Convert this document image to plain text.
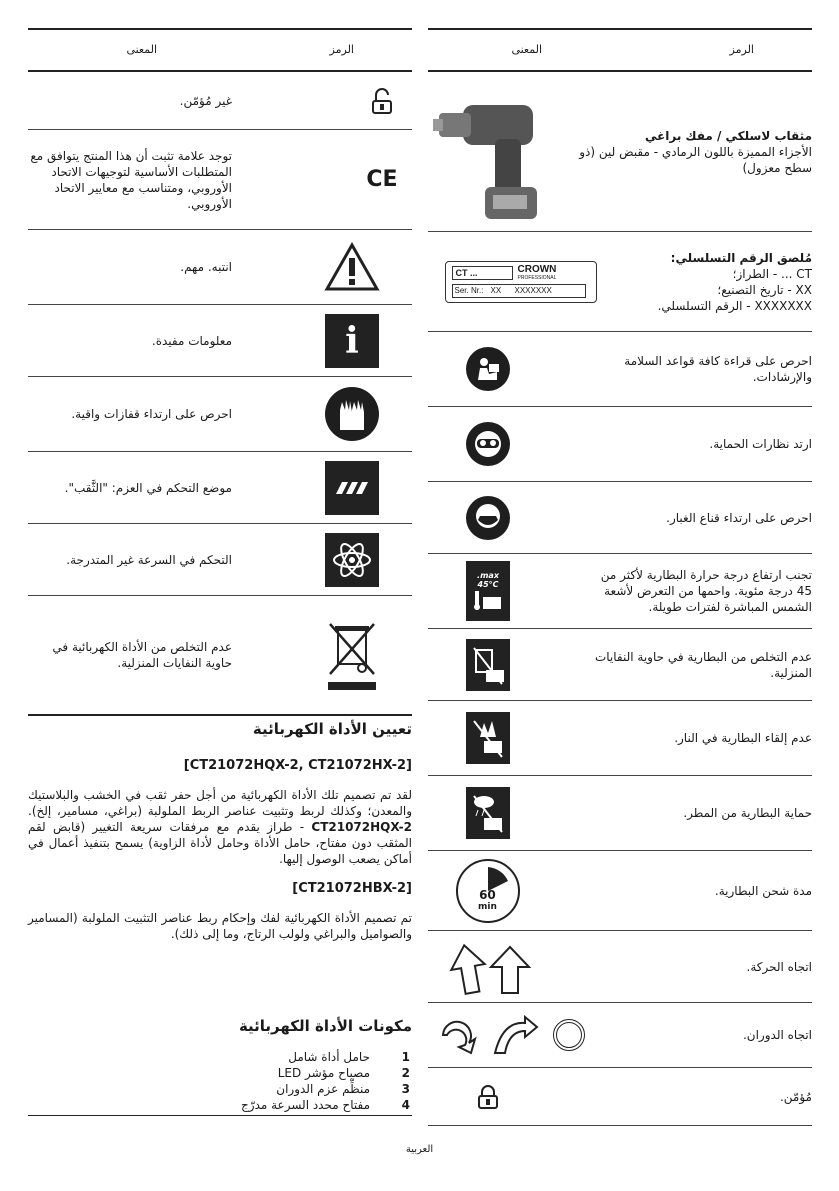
الرمز
المعنى
مثقاب لاسلكي / مفك براغي
الأجزاء المميزة باللون الرمادي - مقبض لين (ذو سطح معزول)
مُلصق الرقم التسلسلي:
CT ... - الطراز؛
XX - تاريخ التصنيع؛
XXXXXXX - الرقم التسلسلي.
CT ...	CROWN
PROFESSIONAL
Ser. Nr.: XX XXXXXXX
احرص على قراءة كافة قواعد السلامة والإرشادات.
ارتد نظارات الحماية.
احرص على ارتداء قناع الغبار.
تجنب ارتفاع درجة حرارة البطارية لأكثر من 45 درجة مئوية. واحمها من التعرض لأشعة الشمس المباشرة لفترات طويلة.
max.
45°C
عدم التخلص من البطارية في حاوية النفايات المنزلية.
عدم إلقاء البطارية في النار.
حماية البطارية من المطر.
مدة شحن البطارية.
60
min
اتجاه الحركة.
اتجاه الدوران.
مُؤمّن.
الرمز
المعنى
غير مُؤمّن.
توجد علامة تثبت أن هذا المنتج يتوافق مع المتطلبات الأساسية لتوجيهات الاتحاد الأوروبي، ومتناسب مع معايير الاتحاد الأوروبي.
CE
انتبه. مهم.
معلومات مفيدة.	i
احرص على ارتداء قفازات واقية.
موضع التحكم في العزم: "الثَّقب".
التحكم في السرعة غير المتدرجة.
عدم التخلص من الأداة الكهربائية في حاوية النفايات المنزلية.
تعيين الأداة الكهربائية
[CT21072HQX-2, CT21072HX-2]

لقد تم تصميم تلك الأداة الكهربائية من أجل حفر ثقب في الخشب والبلاستيك والمعدن؛ وكذلك لربط وتثبيت عناصر الربط الملولبة (براغي، مسامير، إلخ). CT21072HQX-2 - طراز يقدم مع مرفقات سريعة التغيير (قابض لقم المثقب دون مفتاح، حامل الأداة وحامل لأداة الزاوية) يسمح بتنفيذ أعمال في أماكن يصعب الوصول إليها.

[CT21072HBX-2]

تم تصميم الأداة الكهربائية لفك وإحكام ربط عناصر التثبيت الملولبة (المسامير والصواميل والبراغي ولولب الرتاج، وما إلى ذلك).

مكونات الأداة الكهربائية
1
حامل أداة شامل
2
مصباح مؤشر LED
3
منظِّم عزم الدوران
4
مفتاح محدد السرعة مدرّج
العربية
